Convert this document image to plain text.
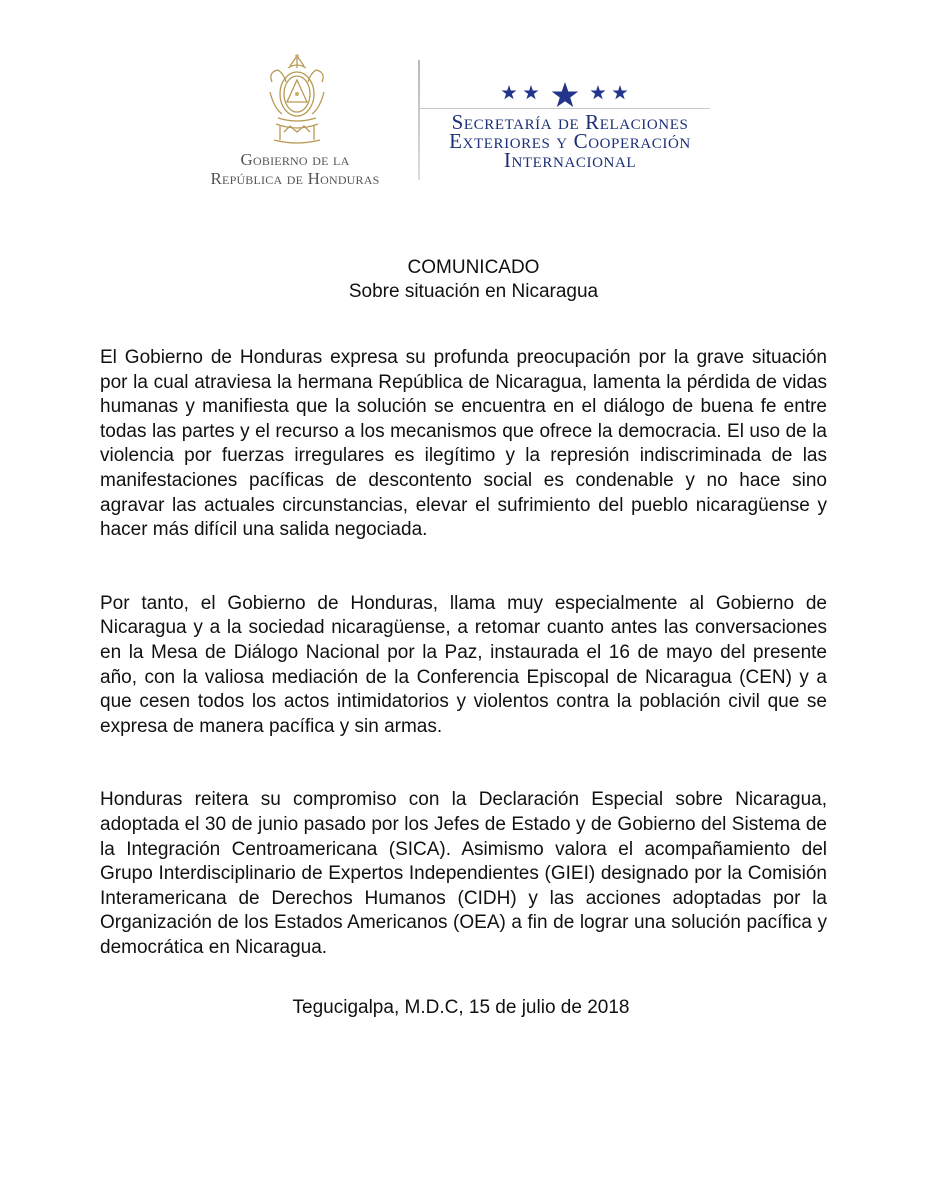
Gobierno de la
República de Honduras
Secretaría de Relaciones
Exteriores y Cooperación
Internacional
COMUNICADO
Sobre situación en Nicaragua

El Gobierno de Honduras expresa su profunda preocupación por la grave situación por la cual atraviesa la hermana República de Nicaragua, lamenta la pérdida de vidas humanas y manifiesta que la solución se encuentra en el diálogo de buena fe entre todas las partes y el recurso a los mecanismos que ofrece la democracia. El uso de la violencia por fuerzas irregulares es ilegítimo y la represión indiscriminada de las manifestaciones pacíficas de descontento social es condenable y no hace sino agravar las actuales circunstancias, elevar el sufrimiento del pueblo nicaragüense y hacer más difícil una salida negociada.

Por tanto, el Gobierno de Honduras, llama muy especialmente al Gobierno de Nicaragua y a la sociedad nicaragüense, a retomar cuanto antes las conversaciones en la Mesa de Diálogo Nacional por la Paz, instaurada el 16 de mayo del presente año, con la valiosa mediación de la Conferencia Episcopal de Nicaragua (CEN) y a que cesen todos los actos intimidatorios y violentos contra la población civil que se expresa de manera pacífica y sin armas.

Honduras reitera su compromiso con la Declaración Especial sobre Nicaragua, adoptada el 30 de junio pasado por los Jefes de Estado y de Gobierno del Sistema de la Integración Centroamericana (SICA). Asimismo valora el acompañamiento del Grupo Interdisciplinario de Expertos Independientes (GIEI) designado por la Comisión Interamericana de Derechos Humanos (CIDH) y las acciones adoptadas por la Organización de los Estados Americanos (OEA) a fin de lograr una solución pacífica y democrática en Nicaragua.

Tegucigalpa, M.D.C, 15 de julio de 2018
